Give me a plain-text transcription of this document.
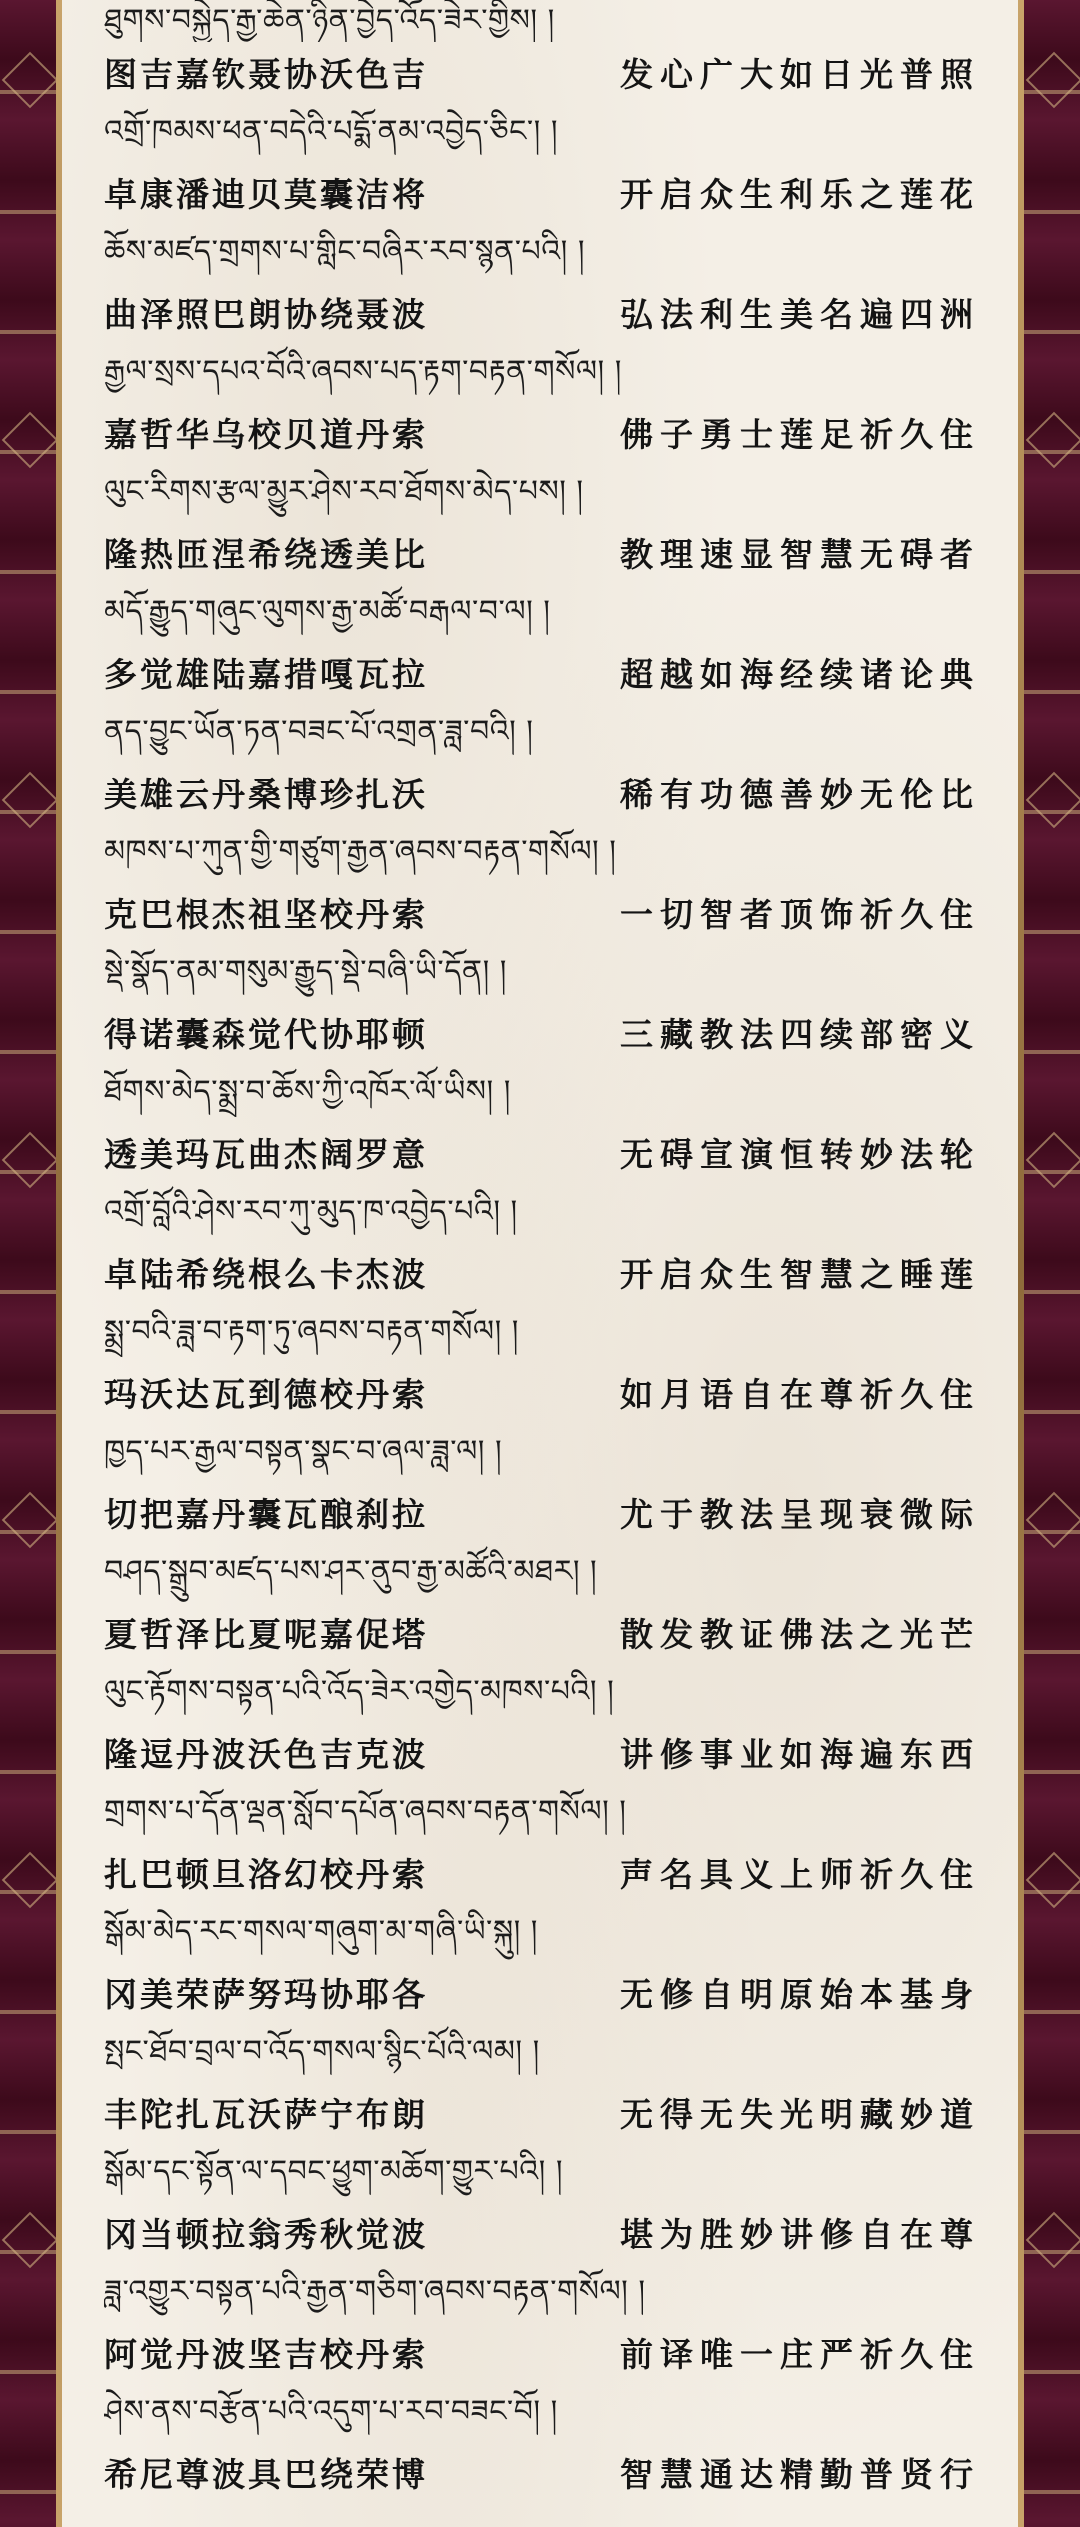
ཐུགས་བསྐྱེད་རྒྱ་ཆེན་ཉིན་བྱེད་འོད་ཟེར་གྱིས། །
图吉嘉钦聂协沃色吉	发心广大如日光普照
འགྲོ་ཁམས་ཕན་བདེའི་པདྨོ་ནམ་འབྱེད་ཅིང་། །
卓康潘迪贝莫囊洁将	开启众生利乐之莲花
ཆོས་མཛད་གྲགས་པ་གླིང་བཞིར་རབ་སྙན་པའི། །
曲泽照巴朗协绕聂波	弘法利生美名遍四洲
རྒྱལ་སྲས་དཔའ་བོའི་ཞབས་པད་རྟག་བརྟན་གསོལ། །
嘉哲华乌校贝道丹索	佛子勇士莲足祈久住
ལུང་རིགས་རྩལ་མྱུར་ཤེས་རབ་ཐོགས་མེད་པས། །
隆热匝涅希绕透美比	教理速显智慧无碍者
མདོ་རྒྱུད་གཞུང་ལུགས་རྒྱ་མཚོ་བརྒལ་བ་ལ། །
多觉雄陆嘉措嘎瓦拉	超越如海经续诸论典
ནད་བྱུང་ཡོན་ཏན་བཟང་པོ་འགྲན་ཟླ་བའི། །
美雄云丹桑博珍扎沃	稀有功德善妙无伦比
མཁས་པ་ཀུན་གྱི་གཙུག་རྒྱན་ཞབས་བརྟན་གསོལ། །
克巴根杰祖坚校丹索	一切智者顶饰祈久住
སྡེ་སྣོད་ནམ་གསུམ་རྒྱུད་སྡེ་བཞི་ཡི་དོན། །
得诺囊森觉代协耶顿	三藏教法四续部密义
ཐོགས་མེད་སྨྲ་བ་ཆོས་ཀྱི་འཁོར་ལོ་ཡིས། །
透美玛瓦曲杰阔罗意	无碍宣演恒转妙法轮
འགྲོ་བློའི་ཤེས་རབ་ཀུ་མུད་ཁ་འབྱེད་པའི། །
卓陆希绕根么卡杰波	开启众生智慧之睡莲
སྨྲ་བའི་ཟླ་བ་རྟག་ཏུ་ཞབས་བརྟན་གསོལ། །
玛沃达瓦到德校丹索	如月语自在尊祈久住
ཁྱད་པར་རྒྱལ་བསྟན་སྣང་བ་ཞལ་ཟླ་ལ། །
切把嘉丹囊瓦酿刹拉	尤于教法呈现衰微际
བཤད་སྒྲུབ་མཛད་པས་ཤར་ནུབ་རྒྱ་མཚོའི་མཐར། །
夏哲泽比夏呢嘉促塔	散发教证佛法之光芒
ལུང་རྟོགས་བསྟན་པའི་འོད་ཟེར་འགྱེད་མཁས་པའི། །
隆逗丹波沃色吉克波	讲修事业如海遍东西
གྲགས་པ་དོན་ལྡན་སློབ་དཔོན་ཞབས་བརྟན་གསོལ། །
扎巴顿旦洛幻校丹索	声名具义上师祈久住
སྒོམ་མེད་རང་གསལ་གཞུག་མ་གཞི་ཡི་སྐུ། །
冈美荣萨努玛协耶各	无修自明原始本基身
སྤང་ཐོབ་བྲལ་བ་འོད་གསལ་སྙིང་པོའི་ལམ། །
丰陀扎瓦沃萨宁布朗	无得无失光明藏妙道
སྒོམ་དང་སྟོན་ལ་དབང་ཕྱུག་མཆོག་གྱུར་པའི། །
冈当顿拉翁秀秋觉波	堪为胜妙讲修自在尊
ཟླ་འགྱུར་བསྟན་པའི་རྒྱན་གཅིག་ཞབས་བརྟན་གསོལ། །
阿觉丹波坚吉校丹索	前译唯一庄严祈久住
ཤེས་ནས་བརྩོན་པའི་འདུག་པ་རབ་བཟང་བོ། །
希尼尊波具巴绕荣博	智慧通达精勤普贤行
